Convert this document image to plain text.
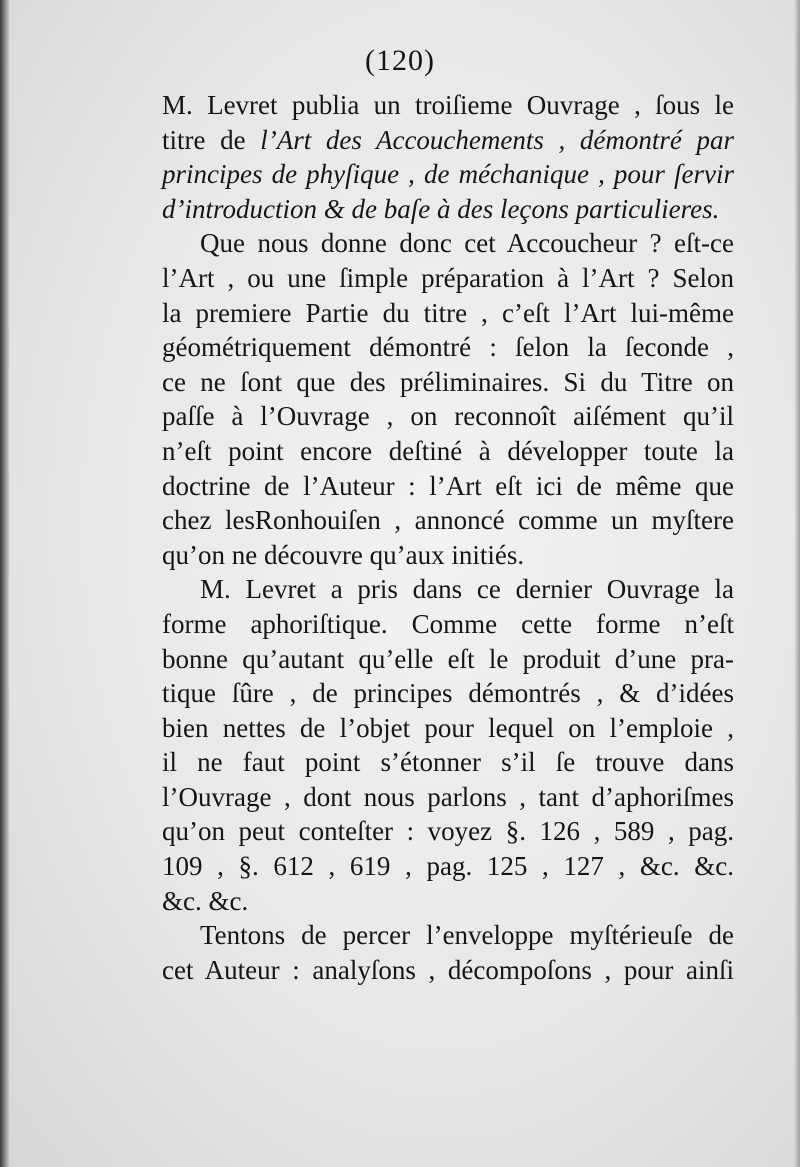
(120)
M. Levret publia un troiſieme Ouvrage , ſous le
titre de l’Art des Accouchements , démontré par
principes de phyſique , de méchanique , pour ſervir
d’introduction & de baſe à des leçons particulieres.
Que nous donne donc cet Accoucheur ? eſt-ce
l’Art , ou une ſimple préparation à l’Art ? Selon
la premiere Partie du titre , c’eſt l’Art lui-même
géométriquement démontré : ſelon la ſeconde ,
ce ne ſont que des préliminaires. Si du Titre on
paſſe à l’Ouvrage , on reconnoît aiſément qu’il
n’eſt point encore deſtiné à développer toute la
doctrine de l’Auteur : l’Art eſt ici de même que
chez lesRonhouiſen , annoncé comme un myſtere
qu’on ne découvre qu’aux initiés.
M. Levret a pris dans ce dernier Ouvrage la
forme aphoriſtique. Comme cette forme n’eſt
bonne qu’autant qu’elle eſt le produit d’une pra-
tique ſûre , de principes démontrés , & d’idées
bien nettes de l’objet pour lequel on l’emploie ,
il ne faut point s’étonner s’il ſe trouve dans
l’Ouvrage , dont nous parlons , tant d’aphoriſmes
qu’on peut conteſter : voyez §. 126 , 589 , pag.
109 , §. 612 , 619 , pag. 125 , 127 , &c. &c.
&c. &c.
Tentons de percer l’enveloppe myſtérieuſe de
cet Auteur : analyſons , décompoſons , pour ainſi
